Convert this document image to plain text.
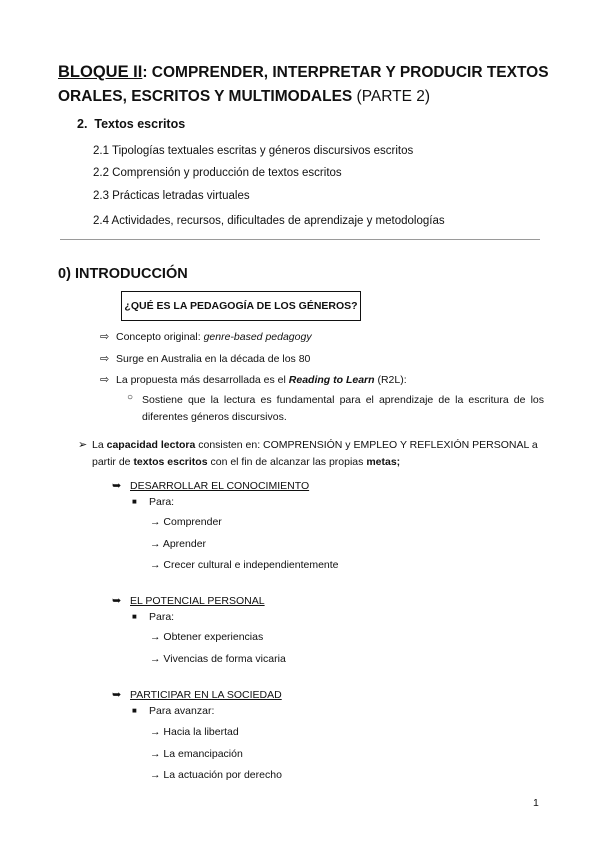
BLOQUE II: COMPRENDER, INTERPRETAR Y PRODUCIR TEXTOS
ORALES, ESCRITOS Y MULTIMODALES (PARTE 2)
2. Textos escritos
2.1 Tipologías textuales escritas y géneros discursivos escritos
2.2 Comprensión y producción de textos escritos
2.3 Prácticas letradas virtuales
2.4 Actividades, recursos, dificultades de aprendizaje y metodologías
0) INTRODUCCIÓN
¿QUÉ ES LA PEDAGOGÍA DE LOS GÉNEROS?
⇨ Concepto original: genre-based pedagogy
⇨ Surge en Australia en la década de los 80
⇨ La propuesta más desarrollada es el Reading to Learn (R2L):
○ Sostiene que la lectura es fundamental para el aprendizaje de la escritura de los diferentes géneros discursivos.
➢ La capacidad lectora consisten en: COMPRENSIÓN y EMPLEO Y REFLEXIÓN PERSONAL a partir de textos escritos con el fin de alcanzar las propias metas;
➥ DESARROLLAR EL CONOCIMIENTO
■ Para:
→ Comprender
→ Aprender
→ Crecer cultural e independientemente
➥ EL POTENCIAL PERSONAL
■ Para:
→ Obtener experiencias
→ Vivencias de forma vicaria
➥ PARTICIPAR EN LA SOCIEDAD
■ Para avanzar:
→ Hacia la libertad
→ La emancipación
→ La actuación por derecho
1
